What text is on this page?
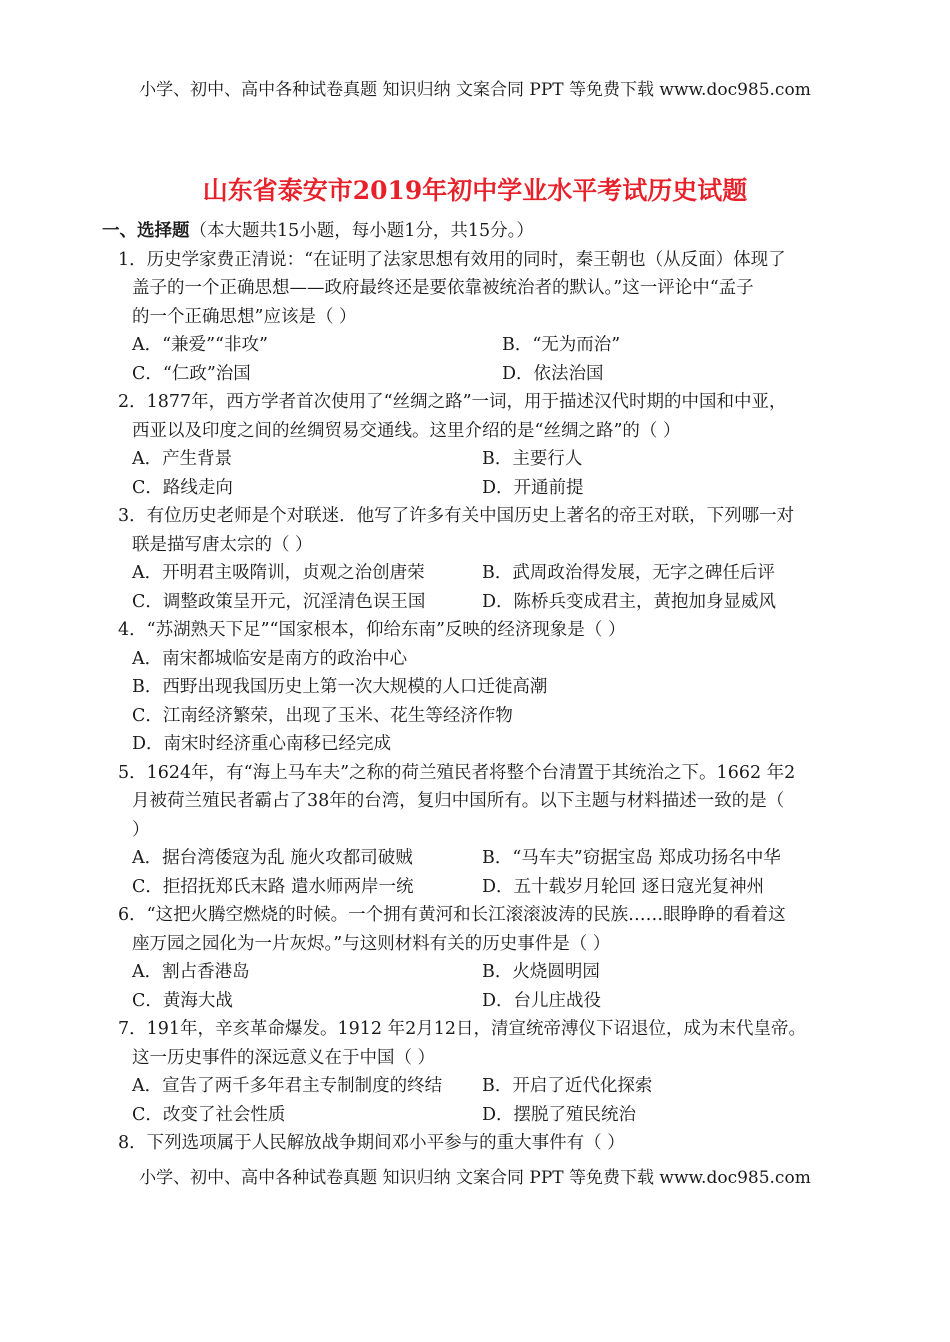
小学、初中、高中各种试卷真题 知识归纳 文案合同 PPT 等免费下载 www.doc985.com
山东省泰安市2019年初中学业水平考试历史试题
一、选择题（本大题共15小题，每小题1分，共15分。）
1．历史学家费正清说：“在证明了法家思想有效用的同时，秦王朝也（从反面）体现了
盖子的一个正确思想——政府最终还是要依靠被统治者的默认。”这一评论中“孟子
的一个正确思想”应该是（ ）
A．“兼爱”“非攻”	B．“无为而治”
C．“仁政”治国	D．依法治国
2．1877年，西方学者首次使用了“丝绸之路”一词，用于描述汉代时期的中国和中亚，
西亚以及印度之间的丝绸贸易交通线。这里介绍的是“丝绸之路”的（ ）
A．产生背景	B．主要行人
C．路线走向	D．开通前提
3．有位历史老师是个对联迷．他写了许多有关中国历史上著名的帝王对联，下列哪一对
联是描写唐太宗的（ ）
A．开明君主吸隋训，贞观之治创唐荣	B．武周政治得发展，无字之碑任后评
C．调整政策呈开元，沉淫清色误王国	D．陈桥兵变成君主，黄抱加身显威风
4．“苏湖熟天下足”“国家根本，仰给东南”反映的经济现象是（ ）
A．南宋都城临安是南方的政治中心
B．西野出现我国历史上第一次大规模的人口迁徙高潮
C．江南经济繁荣，出现了玉米、花生等经济作物
D．南宋时经济重心南移已经完成
5．1624年，有“海上马车夫”之称的荷兰殖民者将整个台清置于其统治之下。1662 年2
月被荷兰殖民者霸占了38年的台湾，复归中国所有。以下主题与材料描述一致的是（
）
A．据台湾倭寇为乱 施火攻都司破贼	B．“马车夫”窃据宝岛 郑成功扬名中华
C．拒招抚郑氏末路 遣水师两岸一统	D．五十载岁月轮回 逐日寇光复神州
6．“这把火腾空燃烧的时候。一个拥有黄河和长江滚滚波涛的民族……眼睁睁的看着这
座万园之园化为一片灰烬。”与这则材料有关的历史事件是（ ）
A．割占香港岛	B．火烧圆明园
C．黄海大战	D．台儿庄战役
7．191年，辛亥革命爆发。1912 年2月12日，清宣统帝溥仪下诏退位，成为末代皇帝。
这一历史事件的深远意义在于中国（ ）
A．宣告了两千多年君主专制制度的终结	B．开启了近代化探索
C．改变了社会性质	D．摆脱了殖民统治
8．下列选项属于人民解放战争期间邓小平参与的重大事件有（ ）
小学、初中、高中各种试卷真题 知识归纳 文案合同 PPT 等免费下载 www.doc985.com
